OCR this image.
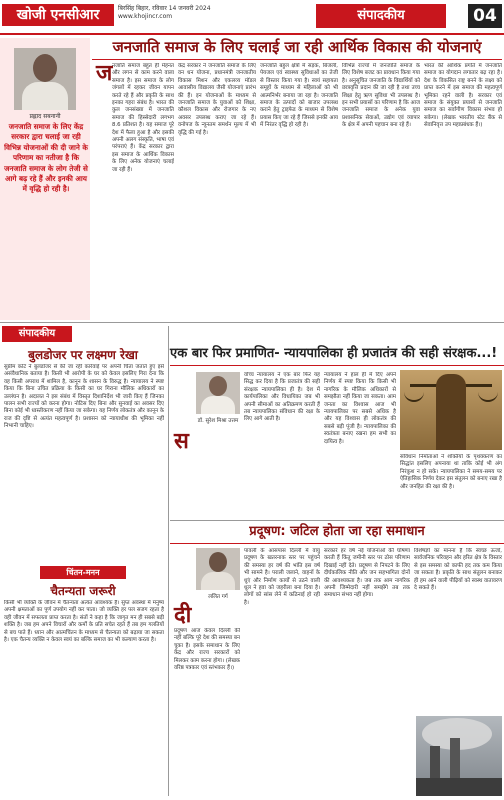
खोजी एनसीआर	बिरसिंह बिहार, रविवार 14 जनवरी 2024
www.khojincr.com	संपादकीय	04
जनजाति समाज के लिए चलाई जा रही आर्थिक विकास की योजनाएं
प्रह्लाद सबनानी
जनजाति समाज के लिए केंद्र सरकार द्वारा चलाई जा रही विभिन्न योजनाओं की दी जाने के परिणाम का नतीजा है कि जनजाति समाज के लोग तेजी से आगे बढ़ रहे हैं और इनकी आय में वृद्धि हो रही है।
ज नजाति समाज बहुत ही मेहनत और लगन से काम करने वाला समाज है। इस समाज के लोग जंगलों में रहकर जीवन यापन करते रहे हैं और प्रकृति के साथ इनका गहरा संबंध है। भारत की कुल जनसंख्या में जनजाति समाज की हिस्सेदारी लगभग 8.6 प्रतिशत है। यह समाज पूरे देश में फैला हुआ है और इसकी अपनी अलग संस्कृति, भाषा एवं परंपराएं हैं। केंद्र सरकार द्वारा इस समाज के आर्थिक विकास के लिए अनेक योजनाएं चलाई जा रही हैं।
केंद्र सरकार ने जनजाति समाज के लिए वन धन योजना, प्रधानमंत्री जनजातीय विकास मिशन और एकलव्य मॉडल आवासीय विद्यालय जैसी योजनाएं प्रारंभ की हैं। इन योजनाओं के माध्यम से जनजाति समाज के युवाओं को शिक्षा, कौशल विकास और रोजगार के नए अवसर उपलब्ध कराए जा रहे हैं। वनोपज के न्यूनतम समर्थन मूल्य में भी वृद्धि की गई है।
जनजाति बहुल क्षेत्रों में सड़क, बिजली, पेयजल एवं स्वास्थ्य सुविधाओं का तेजी से विस्तार किया गया है। स्वयं सहायता समूहों के माध्यम से महिलाओं को भी आत्मनिर्भर बनाया जा रहा है। जनजाति समाज के उत्पादों को बाजार उपलब्ध कराने हेतु ट्राइफेड के माध्यम से विशेष प्रयास किए जा रहे हैं जिससे इनकी आय में निरंतर वृद्धि हो रही है।
विभिन्न राज्यों में जनजाति समाज के लिए विशेष बजट का प्रावधान किया गया है। अनुसूचित जनजाति के विद्यार्थियों को छात्रवृत्ति प्रदान की जा रही है तथा उच्च शिक्षा हेतु ऋण सुविधा भी उपलब्ध है। इन सभी प्रयासों का परिणाम है कि आज जनजाति समाज के अनेक युवा प्रशासनिक सेवाओं, उद्योग एवं व्यापार के क्षेत्र में अपनी पहचान बना रहे हैं।
भारत की आर्थिक प्रगति में जनजाति समाज का योगदान लगातार बढ़ रहा है। देश के विकसित राष्ट्र बनने के लक्ष्य को प्राप्त करने में इस समाज की महत्वपूर्ण भूमिका रहने वाली है। सरकार एवं समाज के संयुक्त प्रयासों से जनजाति समाज का सर्वांगीण विकास संभव हो सकेगा। (लेखक भारतीय स्टेट बैंक से सेवानिवृत्त उप महाप्रबंधक हैं।)
संपादकीय
बुलडोजर पर लक्ष्मण रेखा
सुप्रीम कोर्ट ने बुलडोजर से की जा रही कार्रवाई पर अपनी चिंता जताते हुए इसे असंवैधानिक बताया है। किसी भी आरोपी के घर को केवल इसलिए गिरा देना कि वह किसी अपराध में शामिल है, कानून के शासन के विरुद्ध है। न्यायालय ने स्पष्ट किया कि बिना उचित प्रक्रिया के किसी का घर गिराना मौलिक अधिकारों का उल्लंघन है। अदालत ने इस संबंध में विस्तृत दिशानिर्देश भी जारी किए हैं जिनका पालन सभी राज्यों को करना होगा। नोटिस दिए बिना और सुनवाई का अवसर दिए बिना कोई भी ध्वस्तीकरण नहीं किया जा सकेगा। यह निर्णय लोकतंत्र और कानून के राज की दृष्टि से अत्यंत महत्वपूर्ण है। प्रशासन को न्यायाधीश की भूमिका नहीं निभानी चाहिए।
चिंतन-मनन
चैतन्यता जरूरी
किसी भी व्यक्ति के जीवन में चैतन्यता अत्यंत आवश्यक है। सुप्त अवस्था में मनुष्य अपनी क्षमताओं का पूर्ण उपयोग नहीं कर पाता। जो व्यक्ति हर पल सजग रहता है वही जीवन में सफलता प्राप्त करता है। संतों ने कहा है कि जागृत मन ही सबसे बड़ी शक्ति है। जब हम अपने विचारों और कर्मों के प्रति सचेत रहते हैं तब हम गलतियों से बच पाते हैं। ध्यान और आत्मचिंतन के माध्यम से चैतन्यता को बढ़ाया जा सकता है। एक चैतन्य व्यक्ति न केवल स्वयं का बल्कि समाज का भी कल्याण करता है।
एक बार फिर प्रमाणित- न्यायपालिका ही प्रजातंत्र की सही संरक्षक...!
डॉ. सुरेश मिश्रा उत्तम
स
र्वोच्च न्यायालय ने एक बार फिर यह सिद्ध कर दिया है कि प्रजातंत्र की सही संरक्षक न्यायपालिका ही है। देश में कार्यपालिका और विधायिका जब भी अपनी सीमाओं का अतिक्रमण करती हैं तब न्यायपालिका संविधान की रक्षा के लिए आगे आती है।
न्यायालय ने हाल ही में दिए अपने निर्णय में स्पष्ट किया कि किसी भी नागरिक के मौलिक अधिकारों से समझौता नहीं किया जा सकता। आम जनता का विश्वास आज भी न्यायपालिका पर सबसे अधिक है और यह विश्वास ही लोकतंत्र की सबसे बड़ी पूंजी है। न्यायपालिका की स्वतंत्रता बनाए रखना हम सभी का दायित्व है।
संविधान निर्माताओं ने शक्तियों के पृथक्करण का सिद्धांत इसलिए अपनाया था ताकि कोई भी अंग निरंकुश न हो सके। न्यायपालिका ने समय-समय पर ऐतिहासिक निर्णय देकर इस संतुलन को बनाए रखा है और जनहित की रक्षा की है।
प्रदूषण: जटिल होता जा रहा समाधान
ललित गर्ग
दी
पावली के आसपास दिल्ली में वायु प्रदूषण के खतरनाक स्तर पर पहुंचने की समस्या हर वर्ष की भांति इस वर्ष भी सामने है। पराली जलाने, वाहनों के धुएं और निर्माण कार्यों से उठने वाली धूल ने हवा को जहरीला बना दिया है। लोगों को सांस लेने में कठिनाई हो रही है।
सरकारें हर वर्ष नई योजनाओं की घोषणा करती हैं किंतु जमीनी स्तर पर ठोस परिणाम दिखाई नहीं देते। प्रदूषण से निपटने के लिए दीर्घकालिक नीति और जन सहभागिता दोनों की आवश्यकता है। जब तक आम नागरिक अपनी जिम्मेदारी नहीं समझेंगे तब तक समाधान संभव नहीं होगा।
विशेषज्ञों का मानना है कि स्वच्छ ऊर्जा, सार्वजनिक परिवहन और हरित क्षेत्र के विस्तार से इस समस्या को काफी हद तक कम किया जा सकता है। प्रकृति के साथ संतुलन बनाकर ही हम आने वाली पीढ़ियों को स्वस्थ वातावरण दे सकते हैं।
प्रदूषण आज केवल दिल्ली की नहीं बल्कि पूरे देश की समस्या बन चुका है। इसके समाधान के लिए केंद्र और राज्य सरकारों को मिलकर काम करना होगा। (लेखक वरिष्ठ पत्रकार एवं स्तंभकार हैं।)
